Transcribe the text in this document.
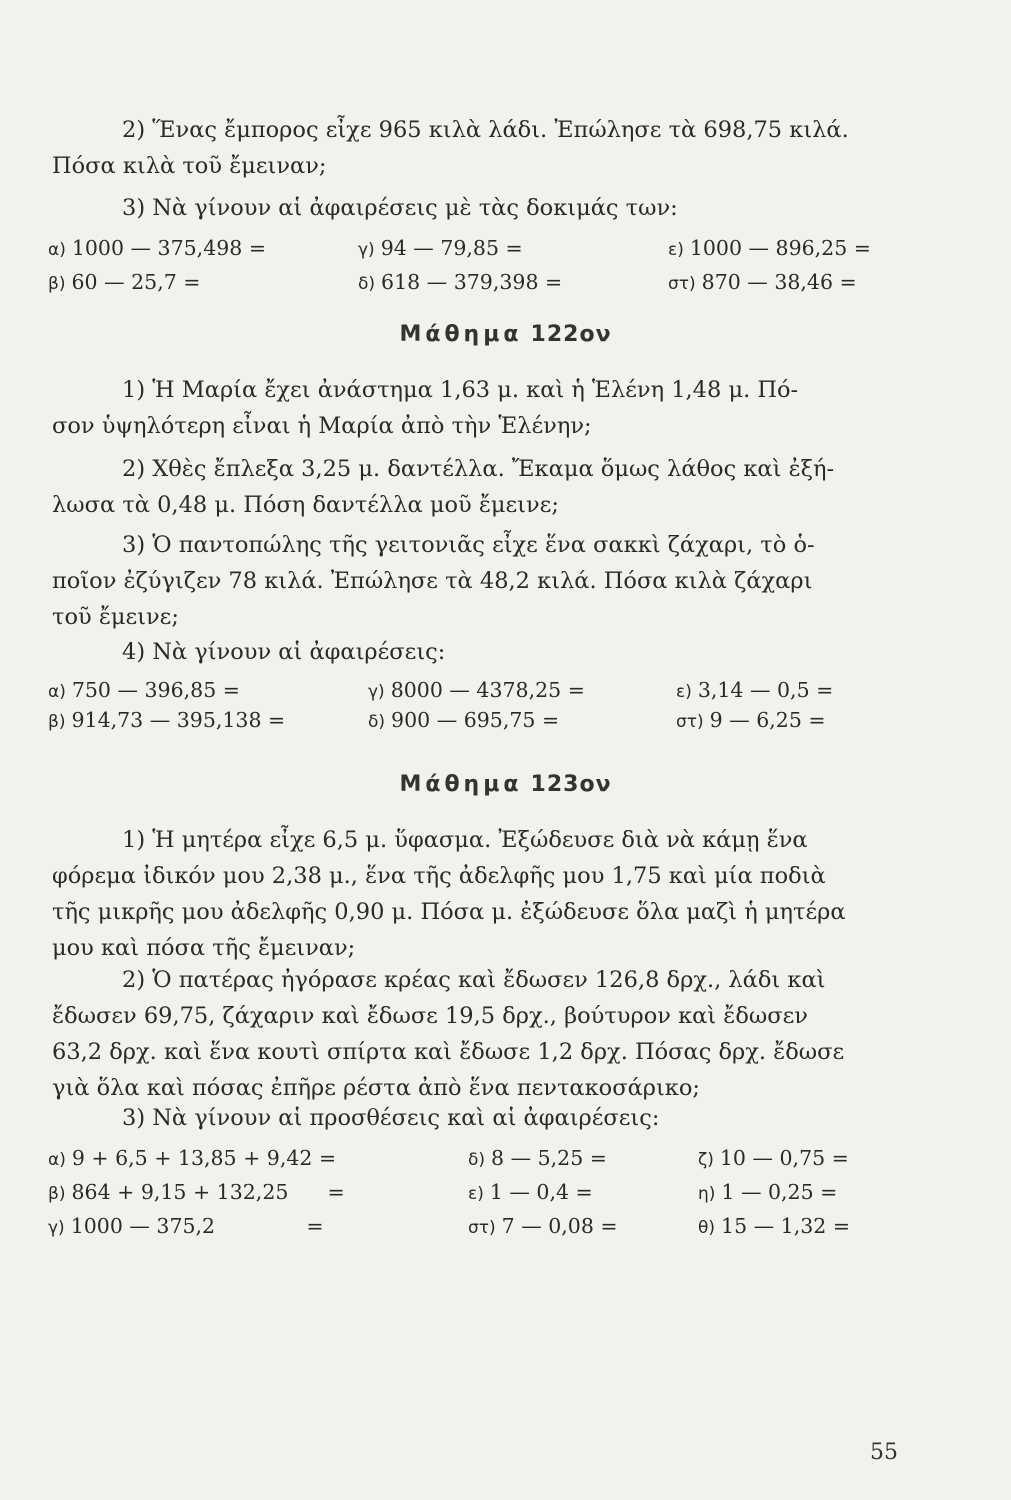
2) Ἕνας ἔμπορος εἶχε 965 κιλὰ λάδι. Ἐπώλησε τὰ 698,75 κιλά.
Πόσα κιλὰ τοῦ ἔμειναν;
3) Νὰ γίνουν αἱ ἀφαιρέσεις μὲ τὰς δοκιμάς των:
α) 1000 — 375,498 =	γ) 94 — 79,85 =	ε) 1000 — 896,25 =
β) 60 — 25,7 =	δ) 618 — 379,398 =	στ) 870 — 38,46 =
Μάθημα 122ον
1) Ἡ Μαρία ἔχει ἀνάστημα 1,63 μ. καὶ ἡ Ἑλένη 1,48 μ. Πό-
σον ὑψηλότερη εἶναι ἡ Μαρία ἀπὸ τὴν Ἑλένην;
2) Χθὲς ἔπλεξα 3,25 μ. δαντέλλα. Ἔκαμα ὅμως λάθος καὶ ἐξή-
λωσα τὰ 0,48 μ. Πόση δαντέλλα μοῦ ἔμεινε;
3) Ὁ παντοπώλης τῆς γειτονιᾶς εἶχε ἕνα σακκὶ ζάχαρι, τὸ ὁ-
ποῖον ἐζύγιζεν 78 κιλά. Ἐπώλησε τὰ 48,2 κιλά. Πόσα κιλὰ ζάχαρι
τοῦ ἔμεινε;
4) Νὰ γίνουν αἱ ἀφαιρέσεις:
α) 750 — 396,85 =	γ) 8000 — 4378,25 =	ε) 3,14 — 0,5 =
β) 914,73 — 395,138 =	δ) 900 — 695,75 =	στ) 9 — 6,25 =
Μάθημα 123ον
1) Ἡ μητέρα εἶχε 6,5 μ. ὕφασμα. Ἐξώδευσε διὰ νὰ κάμῃ ἕνα
φόρεμα ἰδικόν μου 2,38 μ., ἕνα τῆς ἀδελφῆς μου 1,75 καὶ μία ποδιὰ
τῆς μικρῆς μου ἀδελφῆς 0,90 μ. Πόσα μ. ἐξώδευσε ὅλα μαζὶ ἡ μητέρα
μου καὶ πόσα τῆς ἔμειναν;
2) Ὁ πατέρας ἠγόρασε κρέας καὶ ἔδωσεν 126,8 δρχ., λάδι καὶ
ἔδωσεν 69,75, ζάχαριν καὶ ἔδωσε 19,5 δρχ., βούτυρον καὶ ἔδωσεν
63,2 δρχ. καὶ ἕνα κουτὶ σπίρτα καὶ ἔδωσε 1,2 δρχ. Πόσας δρχ. ἔδωσε
γιὰ ὅλα καὶ πόσας ἐπῆρε ρέστα ἀπὸ ἕνα πεντακοσάρικο;
3) Νὰ γίνουν αἱ προσθέσεις καὶ αἱ ἀφαιρέσεις:
α) 9 + 6,5 + 13,85 + 9,42 =	δ) 8 — 5,25 =	ζ) 10 — 0,75 =
β) 864 + 9,15 + 132,25      =	ε) 1 — 0,4 =	η) 1 — 0,25 =
γ) 1000 — 375,2              =	στ) 7 — 0,08 =	θ) 15 — 1,32 =
55
